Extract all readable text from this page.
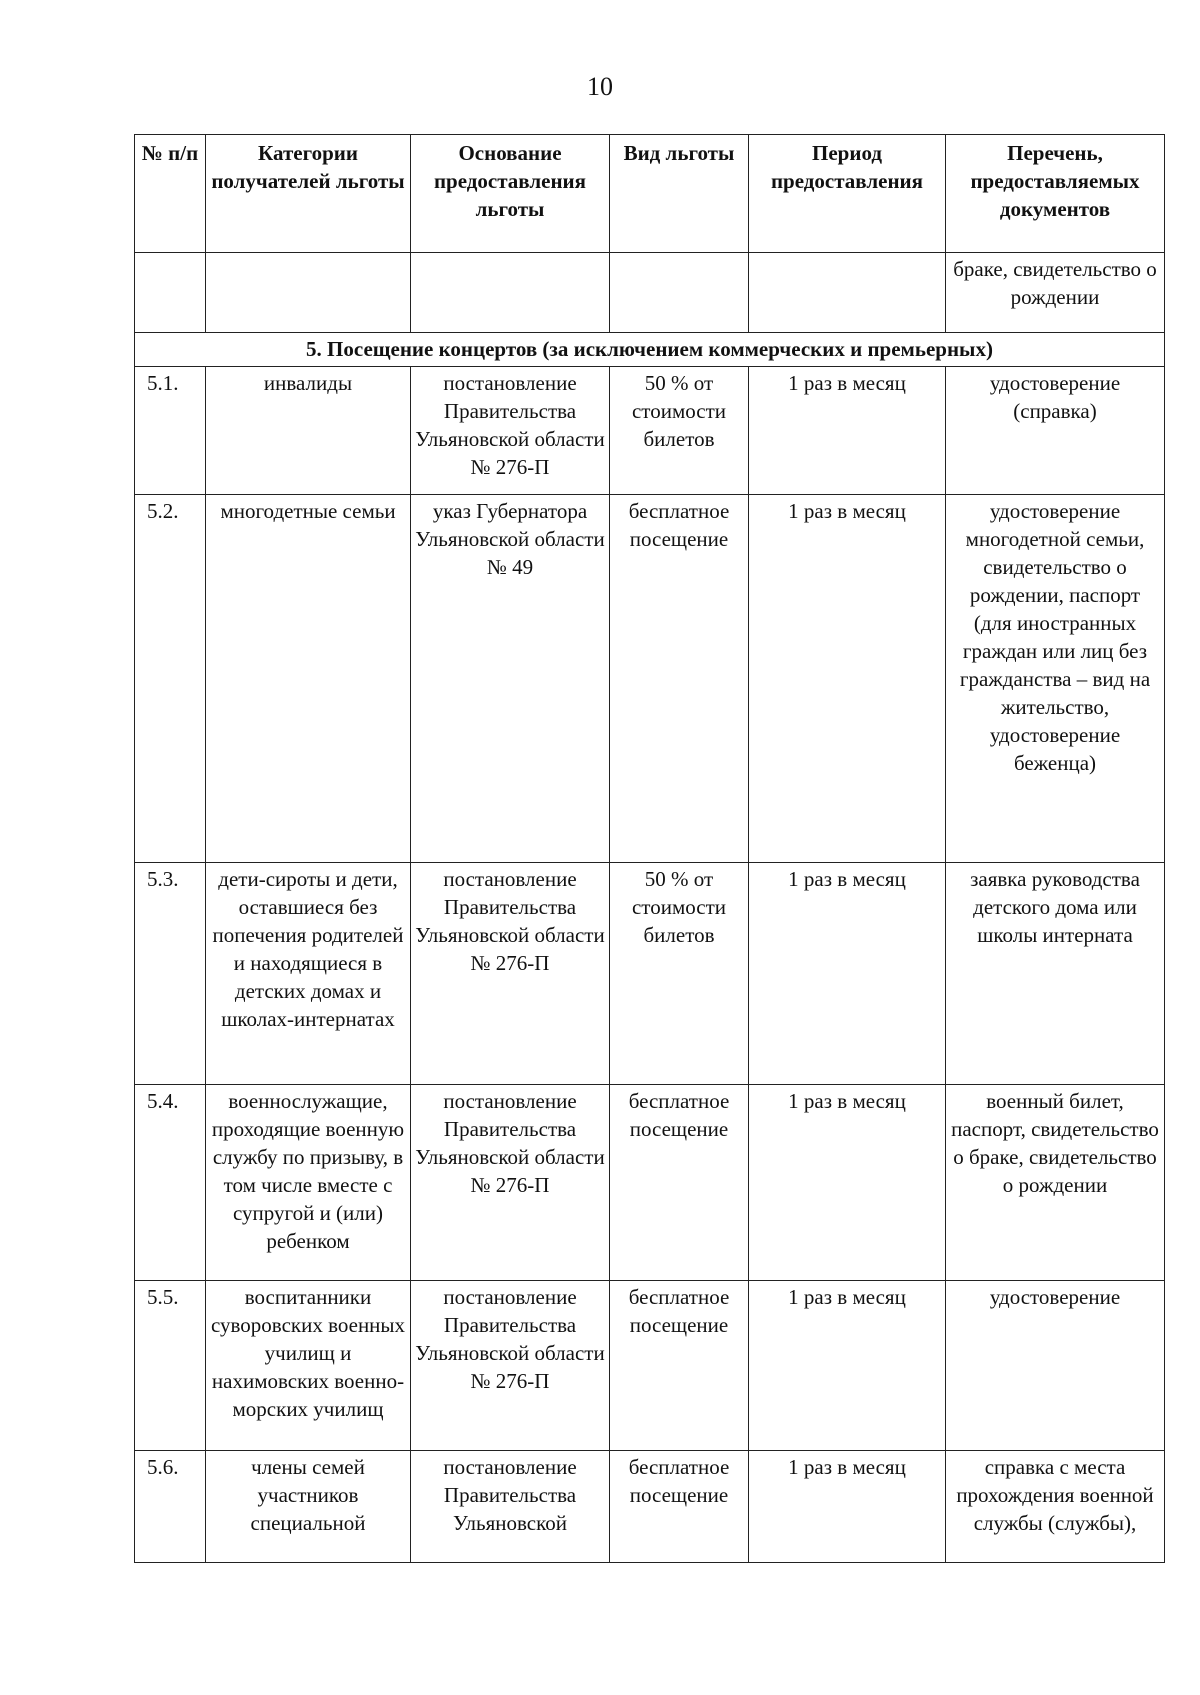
10
№ п/п	Категории получателей льготы	Основание предоставления льготы	Вид льготы	Период предоставления	Перечень, предоставляемых документов
					браке, свидетельство о рождении
5. Посещение концертов (за исключением коммерческих и премьерных)					
5.1.	инвалиды	постановление Правительства Ульяновской области № 276-П	50 % от стоимости билетов	1 раз в месяц	удостоверение (справка)
5.2.	многодетные семьи	указ Губернатора Ульяновской области № 49	бесплатное посещение	1 раз в месяц	удостоверение многодетной семьи, свидетельство о рождении, паспорт (для иностранных граждан или лиц без гражданства – вид на жительство, удостоверение беженца)
5.3.	дети-сироты и дети, оставшиеся без попечения родителей и находящиеся в детских домах и школах-интернатах	постановление Правительства Ульяновской области № 276-П	50 % от стоимости билетов	1 раз в месяц	заявка руководства детского дома или школы интерната
5.4.	военнослужащие, проходящие военную службу по призыву, в том числе вместе с супругой и (или) ребенком	постановление Правительства Ульяновской области № 276-П	бесплатное посещение	1 раз в месяц	военный билет, паспорт, свидетельство о браке, свидетельство о рождении
5.5.	воспитанники суворовских военных училищ и нахимовских военно-морских училищ	постановление Правительства Ульяновской области № 276-П	бесплатное посещение	1 раз в месяц	удостоверение
5.6.	члены семей участников специальной	постановление Правительства Ульяновской	бесплатное посещение	1 раз в месяц	справка с места прохождения военной службы (службы),
